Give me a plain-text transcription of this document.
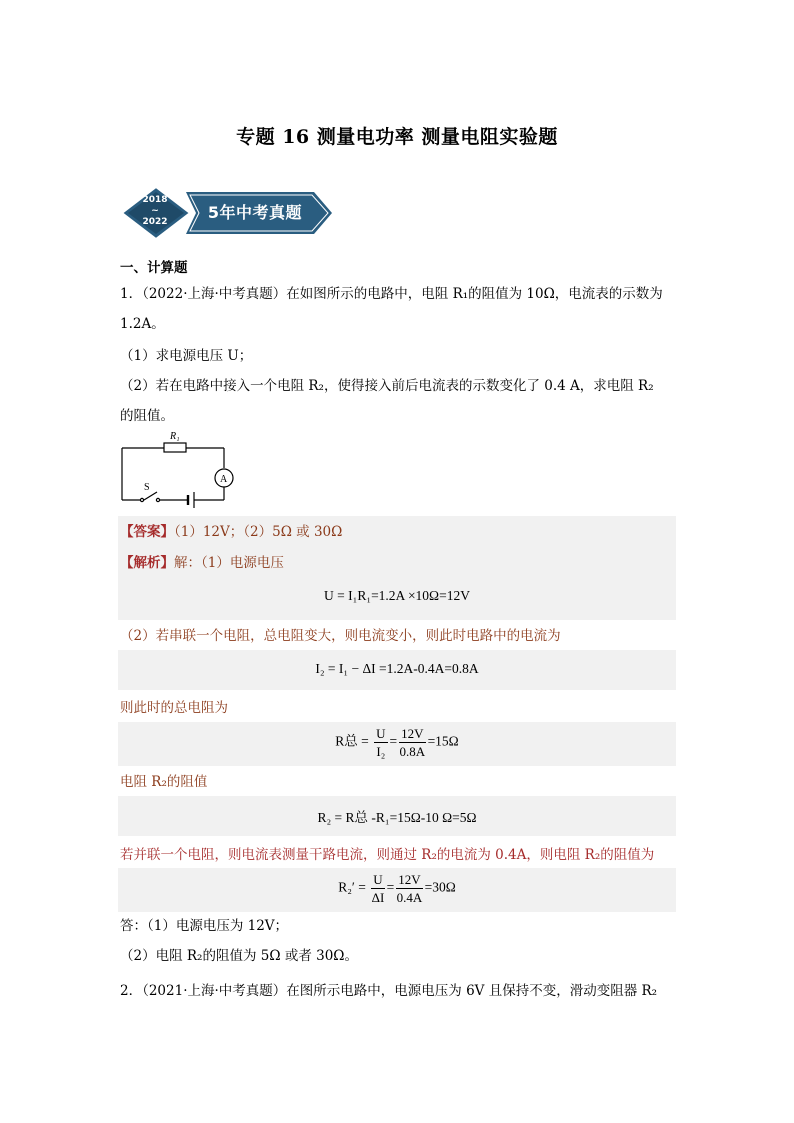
专题 16 测量电功率 测量电阻实验题
2018
~
2022	5年中考真题
一、计算题
1．（2022·上海·中考真题）在如图所示的电路中，电阻 R₁的阻值为 10Ω，电流表的示数为
1.2A。
（1）求电源电压 U；
（2）若在电路中接入一个电阻 R₂，使得接入前后电流表的示数变化了 0.4 A，求电阻 R₂
的阻值。
R₁
S
A
【答案】（1）12V；（2）5Ω 或 30Ω
【解析】解：（1）电源电压
U = I₁R₁=1.2A ×10Ω=12V
（2）若串联一个电阻，总电阻变大，则电流变小，则此时电路中的电流为
I₂ = I₁ − ΔI =1.2A-0.4A=0.8A
则此时的总电阻为
R总 = $\frac{U}{\text{I₂}} = \frac{12V}{0.8A} =15\Omega$
电阻 R₂的阻值
R₂ = R总 -R₁=15Ω-10 Ω=5Ω
若并联一个电阻，则电流表测量干路电流，则通过 R₂的电流为 0.4A，则电阻 R₂的阻值为
$R_2' = \frac{U}{\Delta I} = \frac{12V}{0.4A} =30\Omega$
答：（1）电源电压为 12V；
（2）电阻 R₂的阻值为 5Ω 或者 30Ω。
2．（2021·上海·中考真题）在图所示电路中，电源电压为 6V 且保持不变，滑动变阻器 R₂
